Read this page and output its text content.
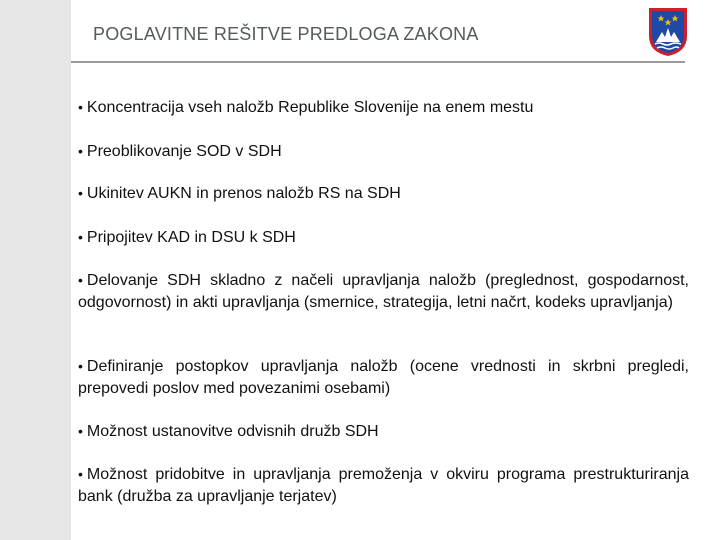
POGLAVITNE REŠITVE PREDLOGA ZAKONA
• Koncentracija vseh naložb Republike Slovenije na enem mestu
• Preoblikovanje SOD v SDH
• Ukinitev AUKN in prenos naložb RS na SDH
• Pripojitev KAD in DSU k SDH
• Delovanje SDH skladno z načeli upravljanja naložb (preglednost, gospodarnost, odgovornost) in akti upravljanja (smernice, strategija, letni načrt, kodeks upravljanja)
• Definiranje postopkov upravljanja naložb (ocene vrednosti in skrbni pregledi, prepovedi poslov med povezanimi osebami)
• Možnost ustanovitve odvisnih družb SDH
• Možnost pridobitve in upravljanja premoženja v okviru programa prestrukturiranja bank (družba za upravljanje terjatev)
